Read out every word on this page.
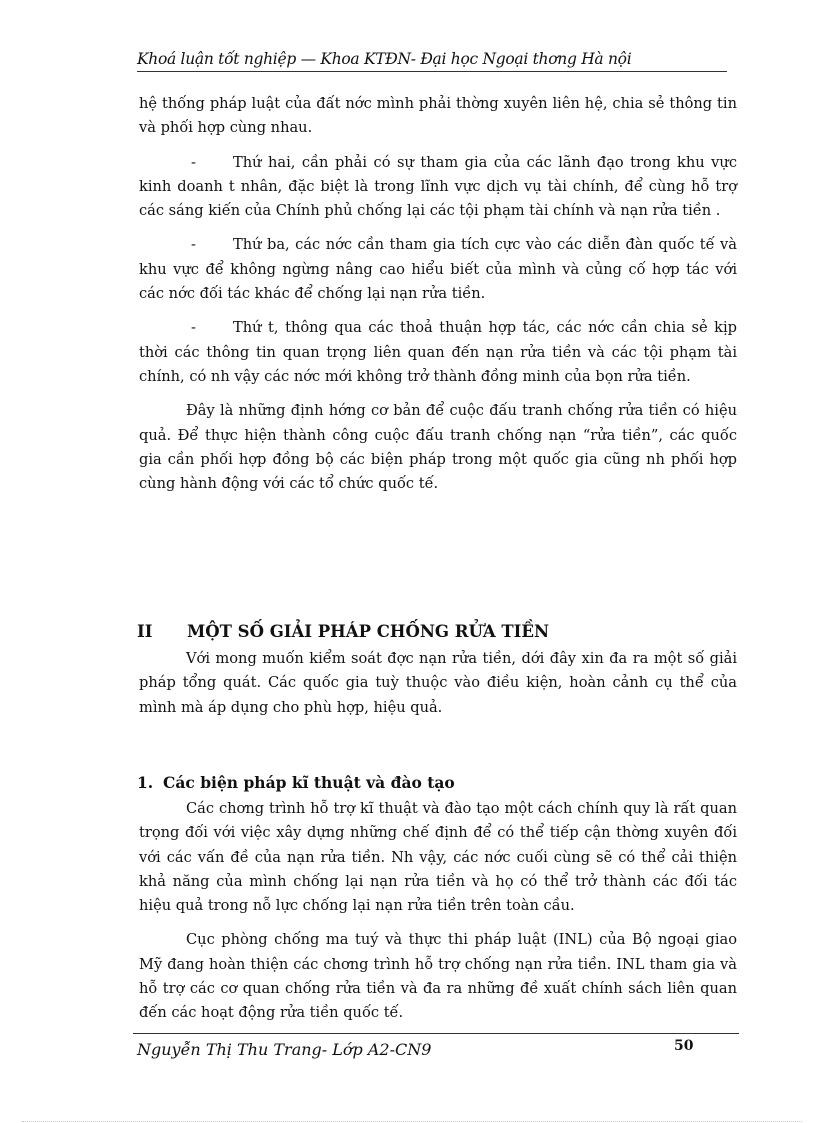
Khoá luận tốt nghiệp — Khoa KTĐN- Đại học Ngoại thơng Hà nội

hệ thống pháp luật của đất nớc mình phải thờng xuyên liên hệ, chia sẻ thông tin và phối hợp cùng nhau.

-	Thứ hai, cần phải có sự tham gia của các lãnh đạo trong khu vực kinh doanh t nhân, đặc biệt là trong lĩnh vực dịch vụ tài chính, để cùng hỗ trợ các sáng kiến của Chính phủ chống lại các tội phạm tài chính và nạn rửa tiền .

-	Thứ ba, các nớc cần tham gia tích cực vào các diễn đàn quốc tế và khu vực để không ngừng nâng cao hiểu biết của mình và củng cố hợp tác với các nớc đối tác khác để chống lại nạn rửa tiền.

-	Thứ t, thông qua các thoả thuận hợp tác, các nớc cần chia sẻ kịp thời các thông tin quan trọng liên quan đến nạn rửa tiền và các tội phạm tài chính, có nh vậy các nớc mới không trở thành đồng minh của bọn rửa tiền.

Đây là những định hớng cơ bản để cuộc đấu tranh chống rửa tiền có hiệu quả. Để thực hiện thành công cuộc đấu tranh chống nạn “rửa tiền”, các quốc gia cần phối hợp đồng bộ các biện pháp trong một quốc gia cũng nh phối hợp cùng hành động với các tổ chức quốc tế.

II MỘT SỐ GIẢI PHÁP CHỐNG RỬA TIỀN

Với mong muốn kiểm soát đợc nạn rửa tiền, dới đây xin đa ra một số giải pháp tổng quát. Các quốc gia tuỳ thuộc vào điều kiện, hoàn cảnh cụ thể của mình mà áp dụng cho phù hợp, hiệu quả.

1. Các biện pháp kĩ thuật và đào tạo

Các chơng trình hỗ trợ kĩ thuật và đào tạo một cách chính quy là rất quan trọng đối với việc xây dựng những chế định để có thể tiếp cận thờng xuyên đối với các vấn đề của nạn rửa tiền. Nh vậy, các nớc cuối cùng sẽ có thể cải thiện khả năng của mình chống lại nạn rửa tiền và họ có thể trở thành các đối tác hiệu quả trong nỗ lực chống lại nạn rửa tiền trên toàn cầu.

Cục phòng chống ma tuý và thực thi pháp luật (INL) của Bộ ngoại giao Mỹ đang hoàn thiện các chơng trình hỗ trợ chống nạn rửa tiền. INL tham gia và hỗ trợ các cơ quan chống rửa tiền và đa ra những đề xuất chính sách liên quan đến các hoạt động rửa tiền quốc tế.

Nguyễn Thị Thu Trang- Lớp A2-CN9	50
